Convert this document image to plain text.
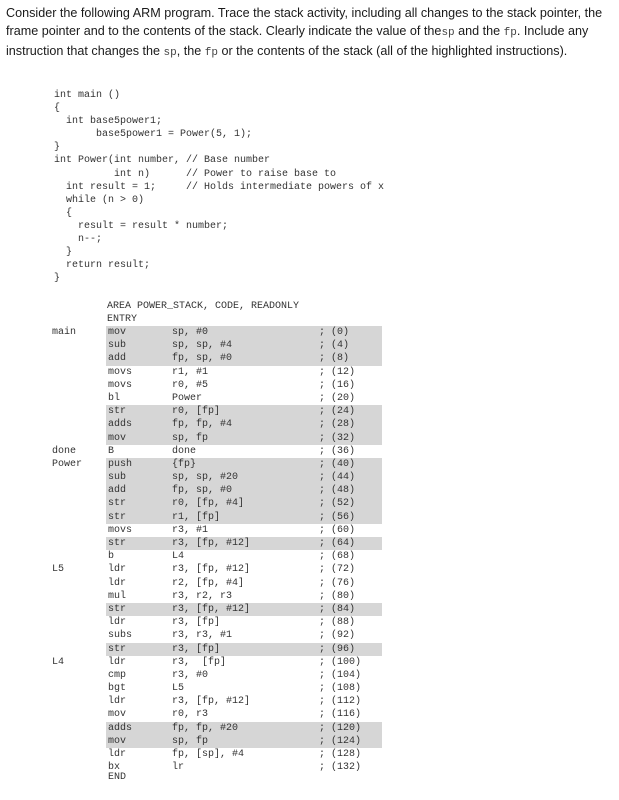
Consider the following ARM program. Trace the stack activity, including all changes to the stack pointer, the frame pointer and to the contents of the stack. Clearly indicate the value of thesp and the fp. Include any instruction that changes the sp, the fp or the contents of the stack (all of the highlighted instructions).
int main ()
{
int base5power1;
base5power1 = Power(5, 1);
}
int Power(int number, // Base number
int n)      // Power to raise base to
int result = 1;     // Holds intermediate powers of x
while (n > 0)
{
result = result * number;
n--;
}
return result;
}
AREA POWER_STACK, CODE, READONLY
ENTRY
main	mov	sp, #0	; (0)
sub	sp, sp, #4	; (4)
add	fp, sp, #0	; (8)
movs	r1, #1	; (12)
movs	r0, #5	; (16)
bl	Power	; (20)
str	r0, [fp]	; (24)
adds	fp, fp, #4	; (28)
mov	sp, fp	; (32)
done	B	done	; (36)
Power	push	{fp}	; (40)
sub	sp, sp, #20	; (44)
add	fp, sp, #0	; (48)
str	r0, [fp, #4]	; (52)
str	r1, [fp]	; (56)
movs	r3, #1	; (60)
str	r3, [fp, #12]	; (64)
b	L4	; (68)
L5	ldr	r3, [fp, #12]	; (72)
ldr	r2, [fp, #4]	; (76)
mul	r3, r2, r3	; (80)
str	r3, [fp, #12]	; (84)
ldr	r3, [fp]	; (88)
subs	r3, r3, #1	; (92)
str	r3, [fp]	; (96)
L4	ldr	r3,  [fp]	; (100)
cmp	r3, #0	; (104)
bgt	L5	; (108)
ldr	r3, [fp, #12]	; (112)
mov	r0, r3	; (116)
adds	fp, fp, #20	; (120)
mov	sp, fp	; (124)
ldr	fp, [sp], #4	; (128)
bx	lr	; (132)
END
